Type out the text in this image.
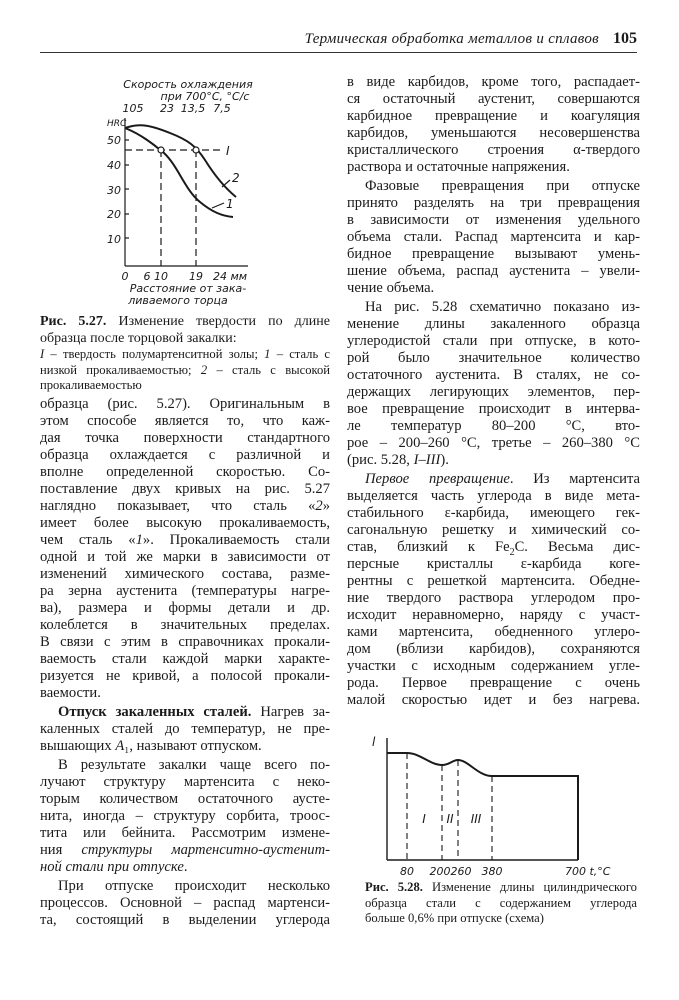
Термическая обработка металлов и сплавов 105
Скорость охлаждения
при 700°С, °С/с
105 23 13,5 7,5
HRC
50
40
30
20
10
I
2
1
0 6 10 19 24 мм
Расстояние от зака-
ливаемого торца
Рис. 5.27. Изменение твердости по длине
образца после торцовой закалки:
I – твердость полумартенситной золы; 1 – сталь с
низкой прокаливаемостью; 2 – сталь с высокой
прокаливаемостью
образца (рис. 5.27). Оригинальным в
этом способе является то, что каж-
дая точка поверхности стандартного
образца охлаждается с различной и
вполне определенной скоростью. Со-
поставление двух кривых на рис. 5.27
наглядно показывает, что сталь «2»
имеет более высокую прокаливаемость,
чем сталь «1». Прокаливаемость стали
одной и той же марки в зависимости от
изменений химического состава, разме-
ра зерна аустенита (температуры нагре-
ва), размера и формы детали и др.
колеблется в значительных пределах.
В связи с этим в справочниках прокали-
ваемость стали каждой марки характе-
ризуется не кривой, а полосой прокали-
ваемости.
Отпуск закаленных сталей. Нагрев за-
каленных сталей до температур, не пре-
вышающих A₁, называют отпуском.
В результате закалки чаще всего по-
лучают структуру мартенсита с неко-
торым количеством остаточного аусте-
нита, иногда – структуру сорбита, троос-
тита или бейнита. Рассмотрим измене-
ния структуры мартенситно-аустенит-
ной стали при отпуске.
При отпуске происходит несколько
процессов. Основной – распад мартенси-
та, состоящий в выделении углерода
в виде карбидов, кроме того, распадает-
ся остаточный аустенит, совершаются
карбидное превращение и коагуляция
карбидов, уменьшаются несовершенства
кристаллического строения α-твердого
раствора и остаточные напряжения.
Фазовые превращения при отпуске
принято разделять на три превращения
в зависимости от изменения удельного
объема стали. Распад мартенсита и кар-
бидное превращение вызывают умень-
шение объема, распад аустенита – увели-
чение объема.
На рис. 5.28 схематично показано из-
менение длины закаленного образца
углеродистой стали при отпуске, в кото-
рой было значительное количество
остаточного аустенита. В сталях, не со-
держащих легирующих элементов, пер-
вое превращение происходит в интерва-
ле температур 80–200 °С, вто-
рое – 200–260 °С, третье – 260–380 °С
(рис. 5.28, I–III).
Первое превращение. Из мартенсита
выделяется часть углерода в виде мета-
стабильного ε-карбида, имеющего гек-
сагональную решетку и химический со-
став, близкий к $Fe_2C$. Весьма дис-
персные кристаллы ε-карбида коге-
рентны с решеткой мартенсита. Обедне-
ние твердого раствора углеродом про-
исходит неравномерно, наряду с участ-
ками мартенсита, обедненного углеро-
дом (вблизи карбидов), сохраняются
участки с исходным содержанием угле-
рода. Первое превращение с очень
малой скоростью идет и без нагрева.
l
I II III
80 200 260 380	700 t,°С
Рис. 5.28. Изменение длины цилиндрического
образца стали с содержанием углерода
больше 0,6% при отпуске (схема)
